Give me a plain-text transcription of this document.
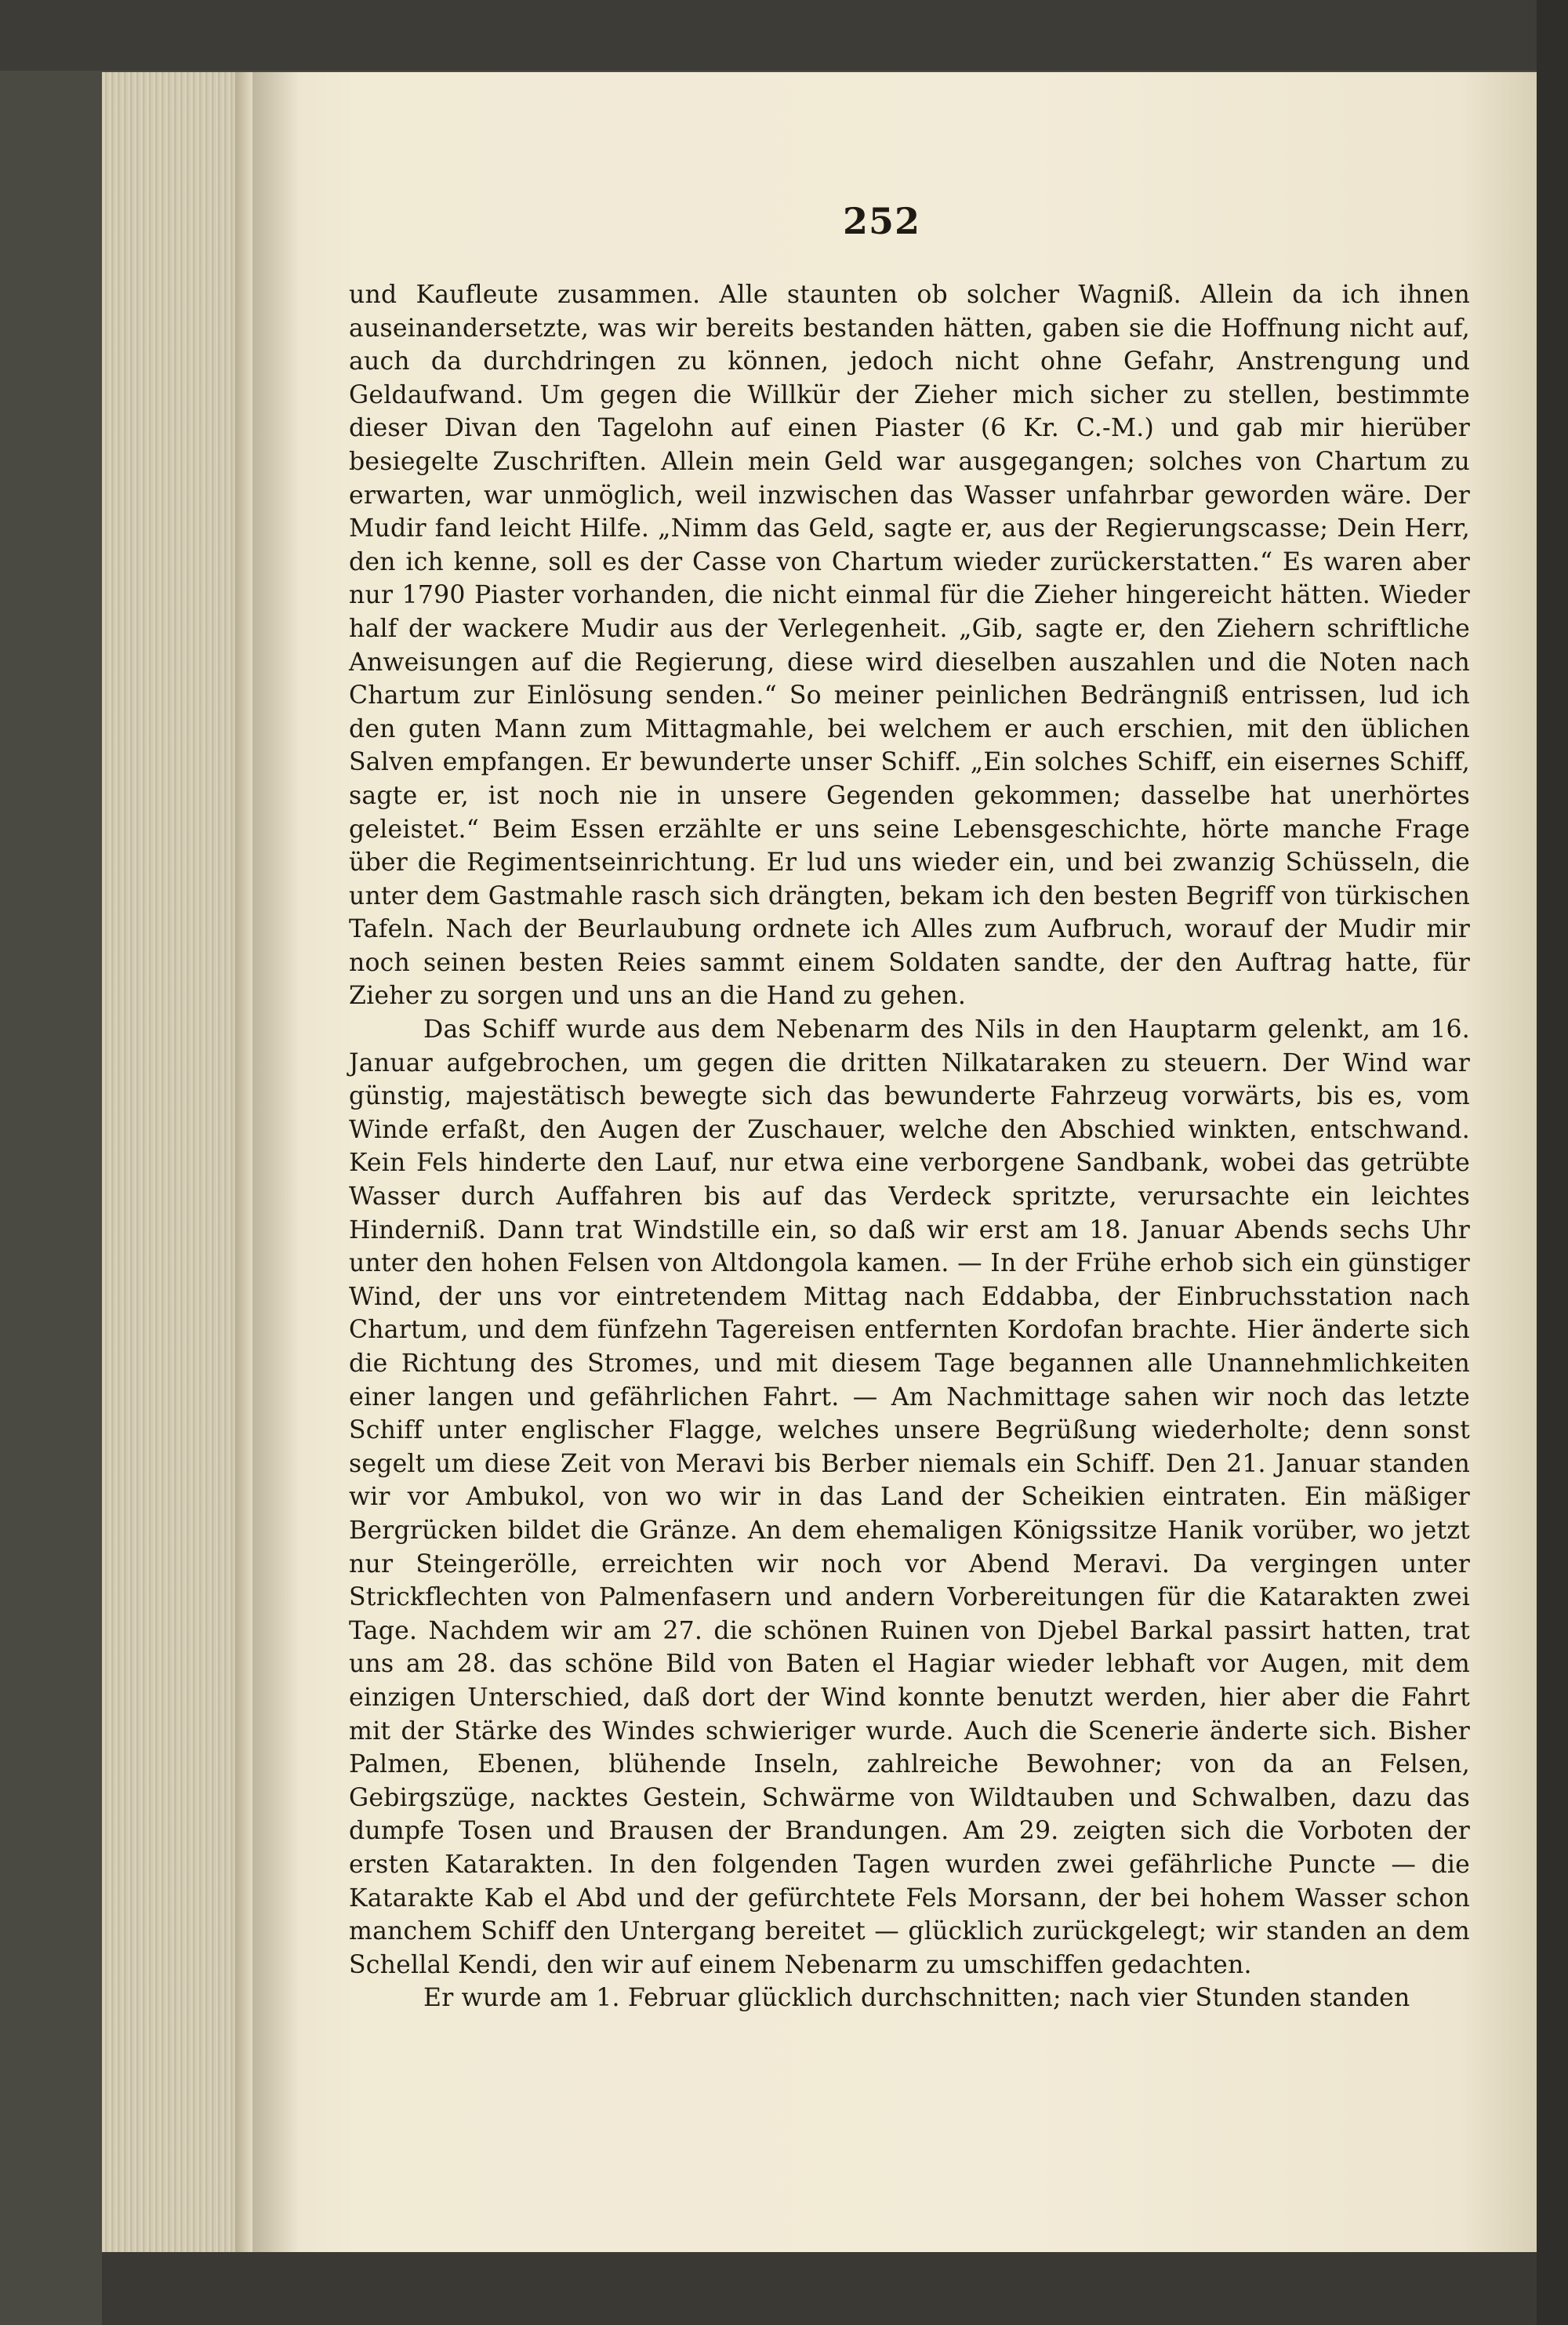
252

und Kaufleute zusammen. Alle staunten ob solcher Wagniß. Allein da ich ihnen auseinandersetzte, was wir bereits bestanden hätten, gaben sie die Hoffnung nicht auf, auch da durchdringen zu können, jedoch nicht ohne Gefahr, Anstrengung und Geldaufwand. Um gegen die Willkür der Zieher mich sicher zu stellen, bestimmte dieser Divan den Tagelohn auf einen Piaster (6 Kr. C.-M.) und gab mir hierüber besiegelte Zuschriften. Allein mein Geld war ausgegangen; solches von Chartum zu erwarten, war unmöglich, weil inzwischen das Wasser unfahrbar geworden wäre. Der Mudir fand leicht Hilfe. „Nimm das Geld, sagte er, aus der Regierungscasse; Dein Herr, den ich kenne, soll es der Casse von Chartum wieder zurückerstatten.“ Es waren aber nur 1790 Piaster vorhanden, die nicht einmal für die Zieher hingereicht hätten. Wieder half der wackere Mudir aus der Verlegenheit. „Gib, sagte er, den Ziehern schriftliche Anweisungen auf die Regierung, diese wird dieselben auszahlen und die Noten nach Chartum zur Einlösung senden.“ So meiner peinlichen Bedrängniß entrissen, lud ich den guten Mann zum Mittagmahle, bei welchem er auch erschien, mit den üblichen Salven empfangen. Er bewunderte unser Schiff. „Ein solches Schiff, ein eisernes Schiff, sagte er, ist noch nie in unsere Gegenden gekommen; dasselbe hat unerhörtes geleistet.“ Beim Essen erzählte er uns seine Lebensgeschichte, hörte manche Frage über die Regimentseinrichtung. Er lud uns wieder ein, und bei zwanzig Schüsseln, die unter dem Gastmahle rasch sich drängten, bekam ich den besten Begriff von türkischen Tafeln. Nach der Beurlaubung ordnete ich Alles zum Aufbruch, worauf der Mudir mir noch seinen besten Reies sammt einem Soldaten sandte, der den Auftrag hatte, für Zieher zu sorgen und uns an die Hand zu gehen.

Das Schiff wurde aus dem Nebenarm des Nils in den Hauptarm gelenkt, am 16. Januar aufgebrochen, um gegen die dritten Nilkataraken zu steuern. Der Wind war günstig, majestätisch bewegte sich das bewunderte Fahrzeug vorwärts, bis es, vom Winde erfaßt, den Augen der Zuschauer, welche den Abschied winkten, entschwand. Kein Fels hinderte den Lauf, nur etwa eine verborgene Sandbank, wobei das getrübte Wasser durch Auffahren bis auf das Verdeck spritzte, verursachte ein leichtes Hinderniß. Dann trat Windstille ein, so daß wir erst am 18. Januar Abends sechs Uhr unter den hohen Felsen von Altdongola kamen. — In der Frühe erhob sich ein günstiger Wind, der uns vor eintretendem Mittag nach Eddabba, der Einbruchsstation nach Chartum, und dem fünfzehn Tagereisen entfernten Kordofan brachte. Hier änderte sich die Richtung des Stromes, und mit diesem Tage begannen alle Unannehmlichkeiten einer langen und gefährlichen Fahrt. — Am Nachmittage sahen wir noch das letzte Schiff unter englischer Flagge, welches unsere Begrüßung wiederholte; denn sonst segelt um diese Zeit von Meravi bis Berber niemals ein Schiff. Den 21. Januar standen wir vor Ambukol, von wo wir in das Land der Scheikien eintraten. Ein mäßiger Bergrücken bildet die Gränze. An dem ehemaligen Königssitze Hanik vorüber, wo jetzt nur Steingerölle, erreichten wir noch vor Abend Meravi. Da vergingen unter Strickflechten von Palmenfasern und andern Vorbereitungen für die Katarakten zwei Tage. Nachdem wir am 27. die schönen Ruinen von Djebel Barkal passirt hatten, trat uns am 28. das schöne Bild von Baten el Hagiar wieder lebhaft vor Augen, mit dem einzigen Unterschied, daß dort der Wind konnte benutzt werden, hier aber die Fahrt mit der Stärke des Windes schwieriger wurde. Auch die Scenerie änderte sich. Bisher Palmen, Ebenen, blühende Inseln, zahlreiche Bewohner; von da an Felsen, Gebirgszüge, nacktes Gestein, Schwärme von Wildtauben und Schwalben, dazu das dumpfe Tosen und Brausen der Brandungen. Am 29. zeigten sich die Vorboten der ersten Katarakten. In den folgenden Tagen wurden zwei gefährliche Puncte — die Katarakte Kab el Abd und der gefürchtete Fels Morsann, der bei hohem Wasser schon manchem Schiff den Untergang bereitet — glücklich zurückgelegt; wir standen an dem Schellal Kendi, den wir auf einem Nebenarm zu umschiffen gedachten.

Er wurde am 1. Februar glücklich durchschnitten; nach vier Stunden standen
